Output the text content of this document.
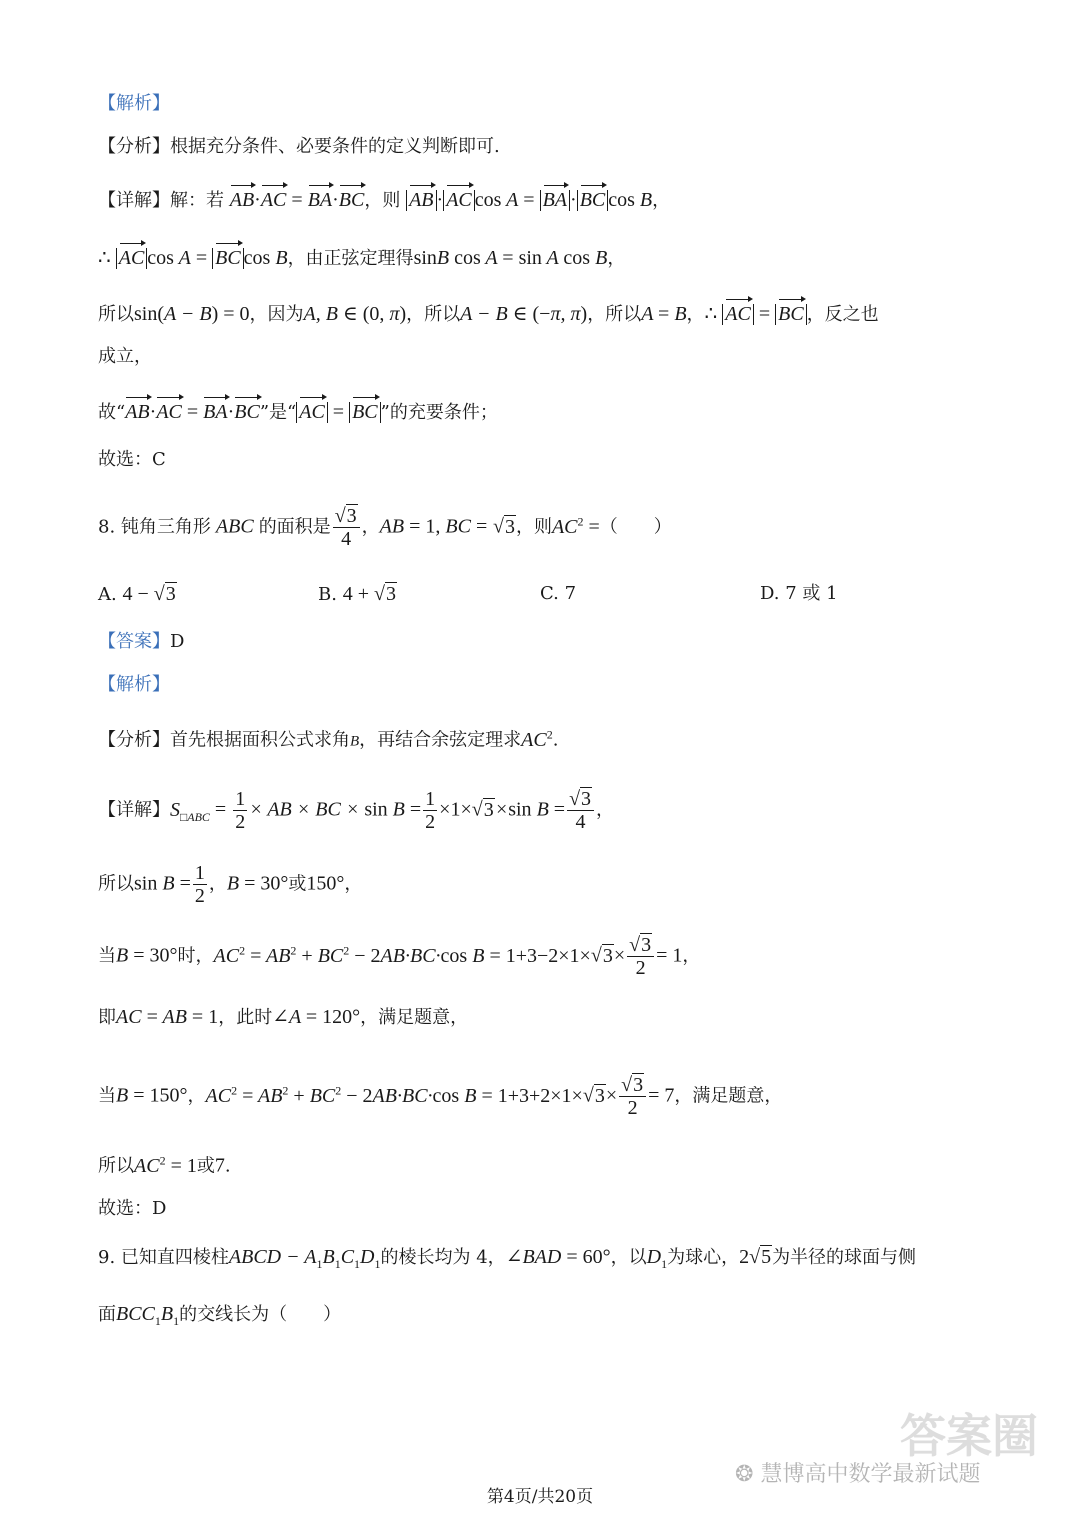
【解析】
【分析】根据充分条件、必要条件的定义判断即可.
【详解】解：若 AB·AC = BA·BC，则 AB · AC cos A = BA · BC cos B，
∴ AC cos A = BC cos B，由正弦定理得sinB cos A = sin A cos B，
所以sin(A − B) = 0，因为A, B ∈ (0, π)，所以A − B ∈ (−π, π)，所以A = B，∴ AC = BC ，反之也
成立，
故“AB·AC = BA·BC”是“ AC = BC ”的充要条件；
故选：C
8. 钝角三角形 ABC 的面积是 $\frac{√3}{4}$ ，AB = 1, BC = √3，则$AC^2$ =（　　）
A. 4 − √3	B. 4 + √3	C. 7	D. 7 或 1
【答案】D
【解析】
【分析】首先根据面积公式求角B，再结合余弦定理求$AC^2$.
【详解】$S_{□ABC} = \frac{1}{2}$ × AB × BC × $\sin B = \frac{1}{2} \times 1\times√3\times\sin$ $B = \frac{√3}{4}$ ，
所以$\sin B = \frac{1}{2}$ ，B = 30°或150°，
当B = 30°时，$AC^2 = AB^2 + BC^2 - 2AB\cdot BC\cdot\cos$ $B = 1+3-2\times 1\times√3\times \frac{√3}{2} = 1$，
即AC = AB = 1，此时∠A = 120°，满足题意，
当B = 150°，$AC^2 = AB^2 + BC^2 - 2AB\cdot BC\cdot\cos$ $B = 1+3+2\times 1\times√3\times \frac{√3}{2} = 7$，满足题意，
所以$AC^2 = 1$或7.
故选：D
9. 已知直四棱柱ABCD − $A_1B_1C_1D_1$的棱长均为 4，∠BAD = 60°，以$D_1$为球心，2√5为半径的球面与侧
面$BCC_1B_1$的交线长为（　　）
答案圈
❂ 慧博高中数学最新试题
第4页/共20页
